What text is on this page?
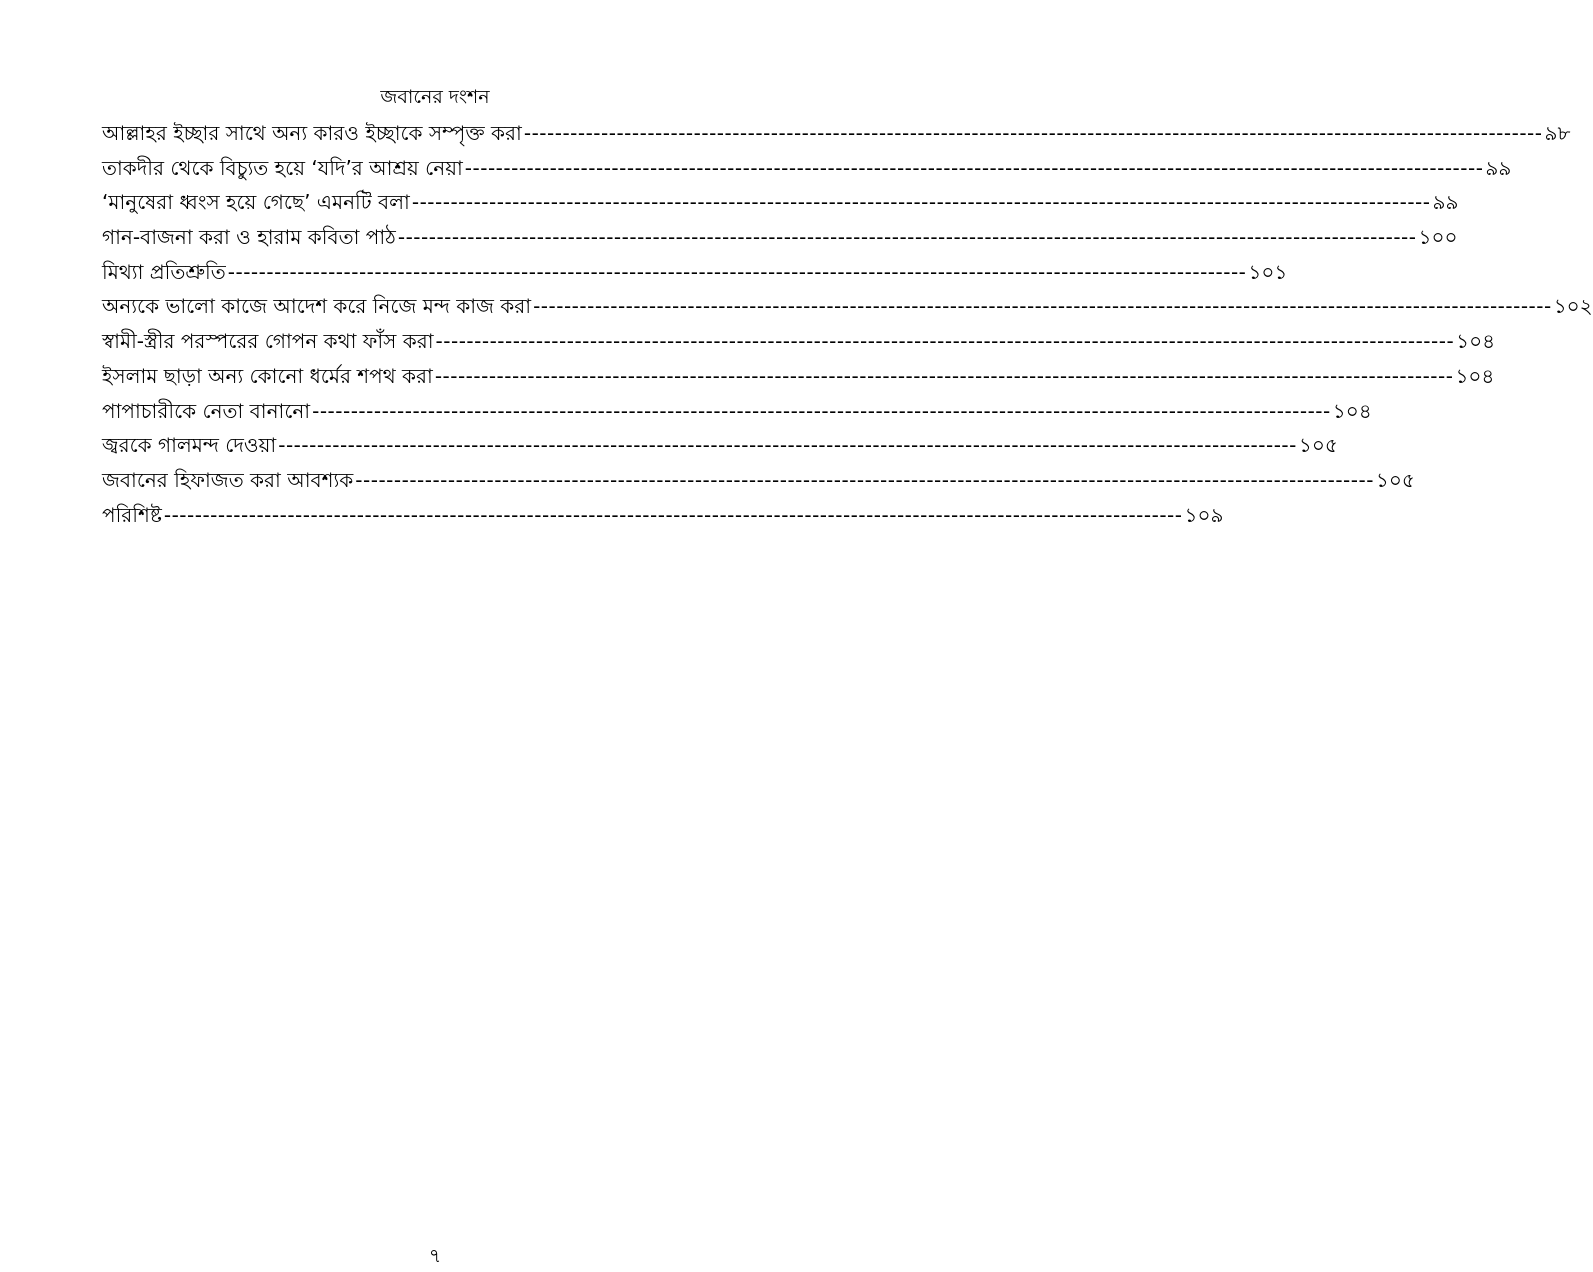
জবানের দংশন
আল্লাহর ইচ্ছার সাথে অন্য কারও ইচ্ছাকে সম্পৃক্ত করা ------------------------------------------------------------------------------------------------------------------------------------ ৯৮
তাকদীর থেকে বিচ্যুত হয়ে ‘যদি’র আশ্রয় নেয়া ------------------------------------------------------------------------------------------------------------------------------------ ৯৯
‘মানুষেরা ধ্বংস হয়ে গেছে’ এমনটি বলা ------------------------------------------------------------------------------------------------------------------------------------ ৯৯
গান-বাজনা করা ও হারাম কবিতা পাঠ ------------------------------------------------------------------------------------------------------------------------------------ ১০০
মিথ্যা প্রতিশ্রুতি ------------------------------------------------------------------------------------------------------------------------------------ ১০১
অন্যকে ভালো কাজে আদেশ করে নিজে মন্দ কাজ করা ------------------------------------------------------------------------------------------------------------------------------------ ১০২
স্বামী-স্ত্রীর পরস্পরের গোপন কথা ফাঁস করা ------------------------------------------------------------------------------------------------------------------------------------ ১০৪
ইসলাম ছাড়া অন্য কোনো ধর্মের শপথ করা ------------------------------------------------------------------------------------------------------------------------------------ ১০৪
পাপাচারীকে নেতা বানানো ------------------------------------------------------------------------------------------------------------------------------------ ১০৪
জ্বরকে গালমন্দ দেওয়া ------------------------------------------------------------------------------------------------------------------------------------ ১০৫
জবানের হিফাজত করা আবশ্যক ------------------------------------------------------------------------------------------------------------------------------------ ১০৫
পরিশিষ্ট ------------------------------------------------------------------------------------------------------------------------------------ ১০৯
৭
